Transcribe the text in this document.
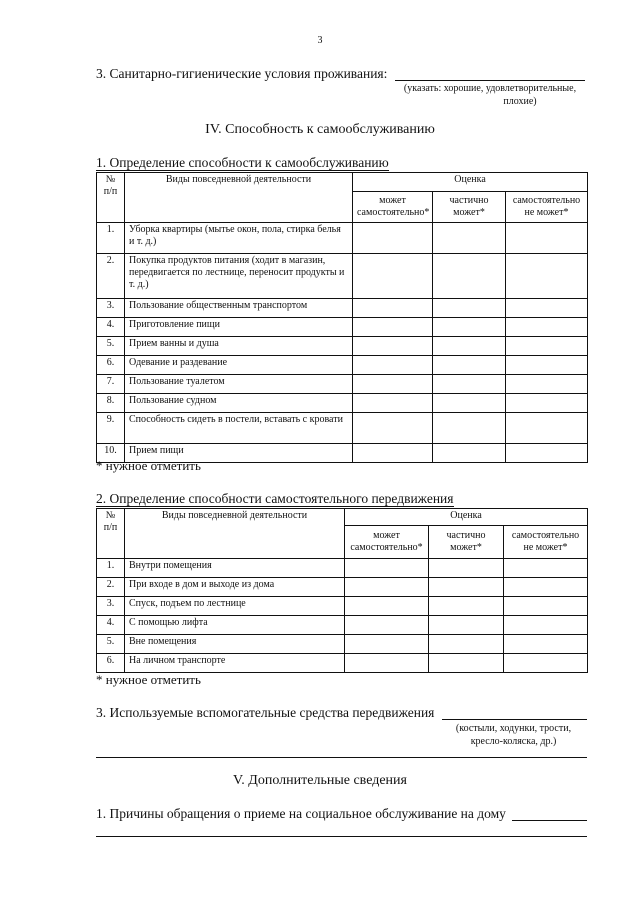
3
3. Санитарно-гигиенические условия проживания:
(указать: хорошие, удовлетворительные,
плохие)
IV. Способность к самообслуживанию
1. Определение способности к самообслуживанию
№ п/п	Виды повседневной деятельности	Оценка		
		может самостоятельно*	частично может*	самостоятельно не может*
1.	Уборка квартиры (мытье окон, пола, стирка белья и т. д.)			
2.	Покупка продуктов питания (ходит в магазин, передвигается по лестнице, переносит продукты и т. д.)			
3.	Пользование общественным транспортом			
4.	Приготовление пищи			
5.	Прием ванны и душа			
6.	Одевание и раздевание			
7.	Пользование туалетом			
8.	Пользование судном			
9.	Способность сидеть в постели, вставать с кровати			
10.	Прием пищи			
* нужное отметить
2. Определение способности самостоятельного передвижения
№ п/п	Виды повседневной деятельности	Оценка		
		может самостоятельно*	частично может*	самостоятельно не может*
1.	Внутри помещения			
2.	При входе в дом и выходе из дома			
3.	Спуск, подъем по лестнице			
4.	С помощью лифта			
5.	Вне помещения			
6.	На личном транспорте			
* нужное отметить
3. Используемые вспомогательные средства передвижения
(костыли, ходунки, трости,
кресло-коляска, др.)
V. Дополнительные сведения
1. Причины обращения о приеме на социальное обслуживание на дому
